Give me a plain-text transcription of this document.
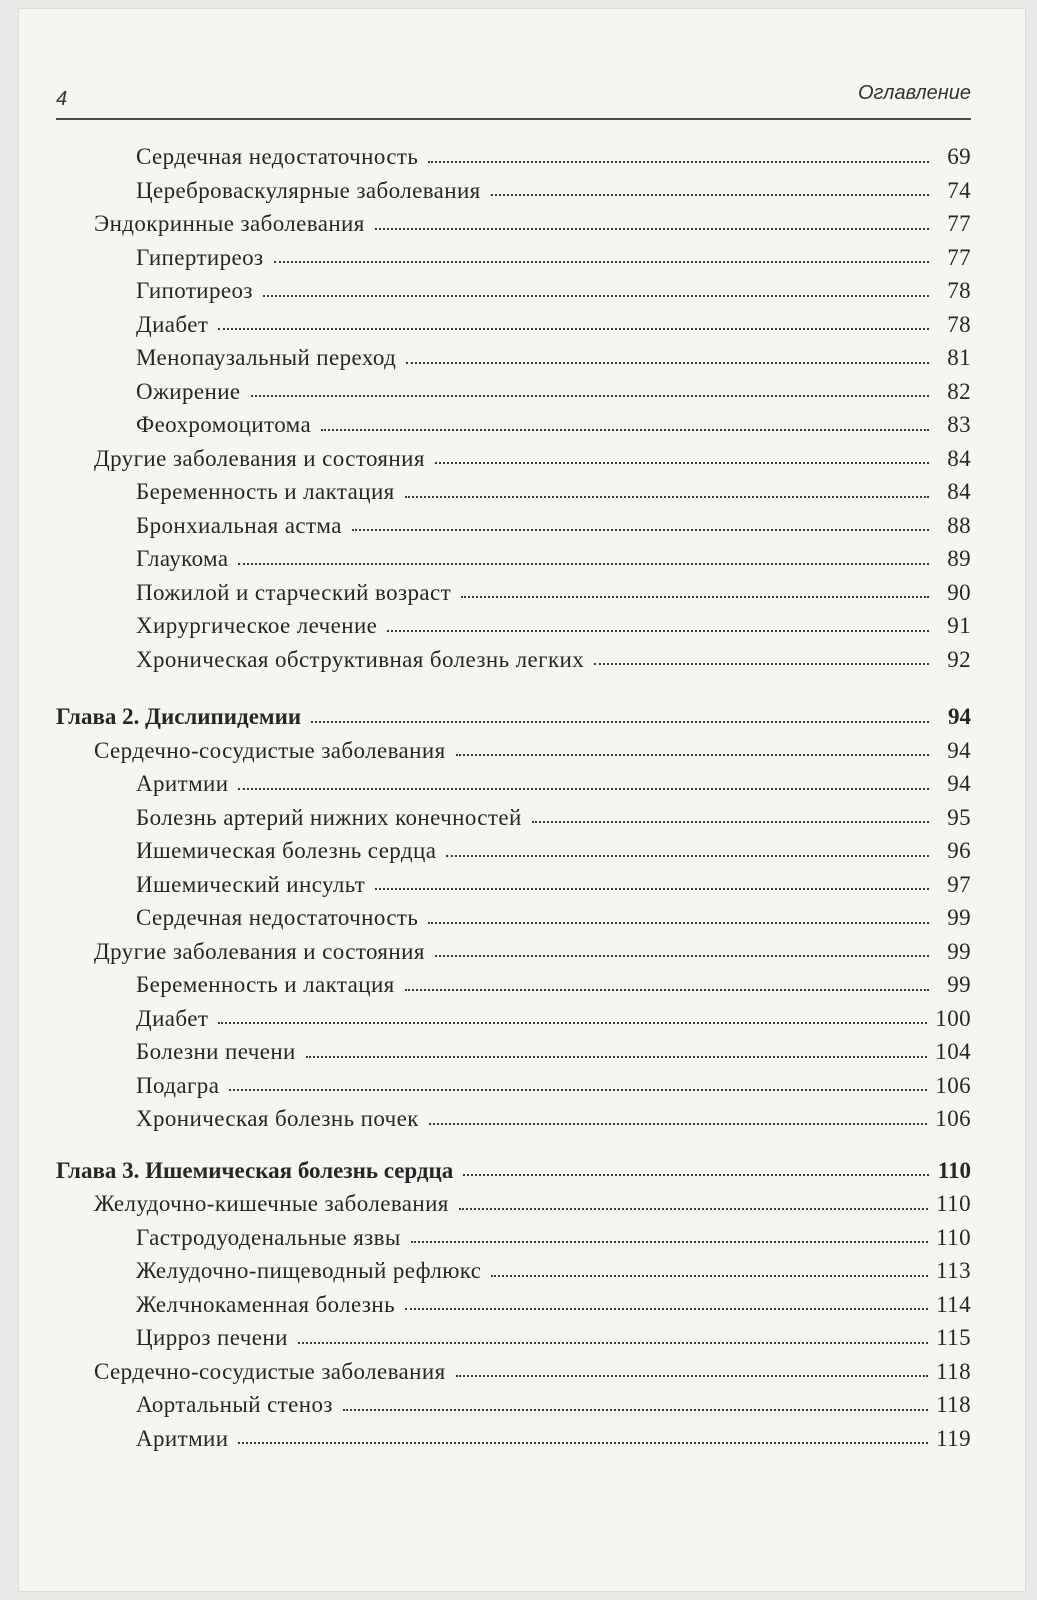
4	Оглавление
Сердечная недостаточность	69
Цереброваскулярные заболевания	74
Эндокринные заболевания	77
Гипертиреоз	77
Гипотиреоз	78
Диабет	78
Менопаузальный переход	81
Ожирение	82
Феохромоцитома	83
Другие заболевания и состояния	84
Беременность и лактация	84
Бронхиальная астма	88
Глаукома	89
Пожилой и старческий возраст	90
Хирургическое лечение	91
Хроническая обструктивная болезнь легких	92
Глава 2. Дислипидемии	94
Сердечно-сосудистые заболевания	94
Аритмии	94
Болезнь артерий нижних конечностей	95
Ишемическая болезнь сердца	96
Ишемический инсульт	97
Сердечная недостаточность	99
Другие заболевания и состояния	99
Беременность и лактация	99
Диабет	100
Болезни печени	104
Подагра	106
Хроническая болезнь почек	106
Глава 3. Ишемическая болезнь сердца	110
Желудочно-кишечные заболевания	110
Гастродуоденальные язвы	110
Желудочно-пищеводный рефлюкс	113
Желчнокаменная болезнь	114
Цирроз печени	115
Сердечно-сосудистые заболевания	118
Аортальный стеноз	118
Аритмии	119
